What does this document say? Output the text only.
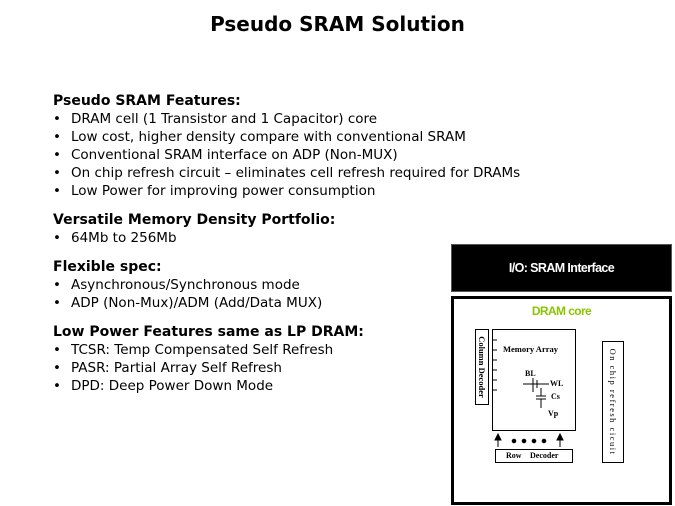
Pseudo SRAM Solution
Pseudo SRAM Features:
• DRAM cell (1 Transistor and 1 Capacitor) core
• Low cost, higher density compare with conventional SRAM
• Conventional SRAM interface on ADP (Non-MUX)
• On chip refresh circuit – eliminates cell refresh required for DRAMs
• Low Power for improving power consumption
Versatile Memory Density Portfolio:
• 64Mb to 256Mb
Flexible spec:
• Asynchronous/Synchronous mode
• ADP (Non-Mux)/ADM (Add/Data MUX)
Low Power Features same as LP DRAM:
• TCSR: Temp Compensated Self Refresh
• PASR: Partial Array Self Refresh
• DPD: Deep Power Down Mode
I/O: SRAM Interface
DRAM core
Column Decoder Memory Array
BL
WL
Cs
Vp
Row Decoder
On chip refresh cicuit
